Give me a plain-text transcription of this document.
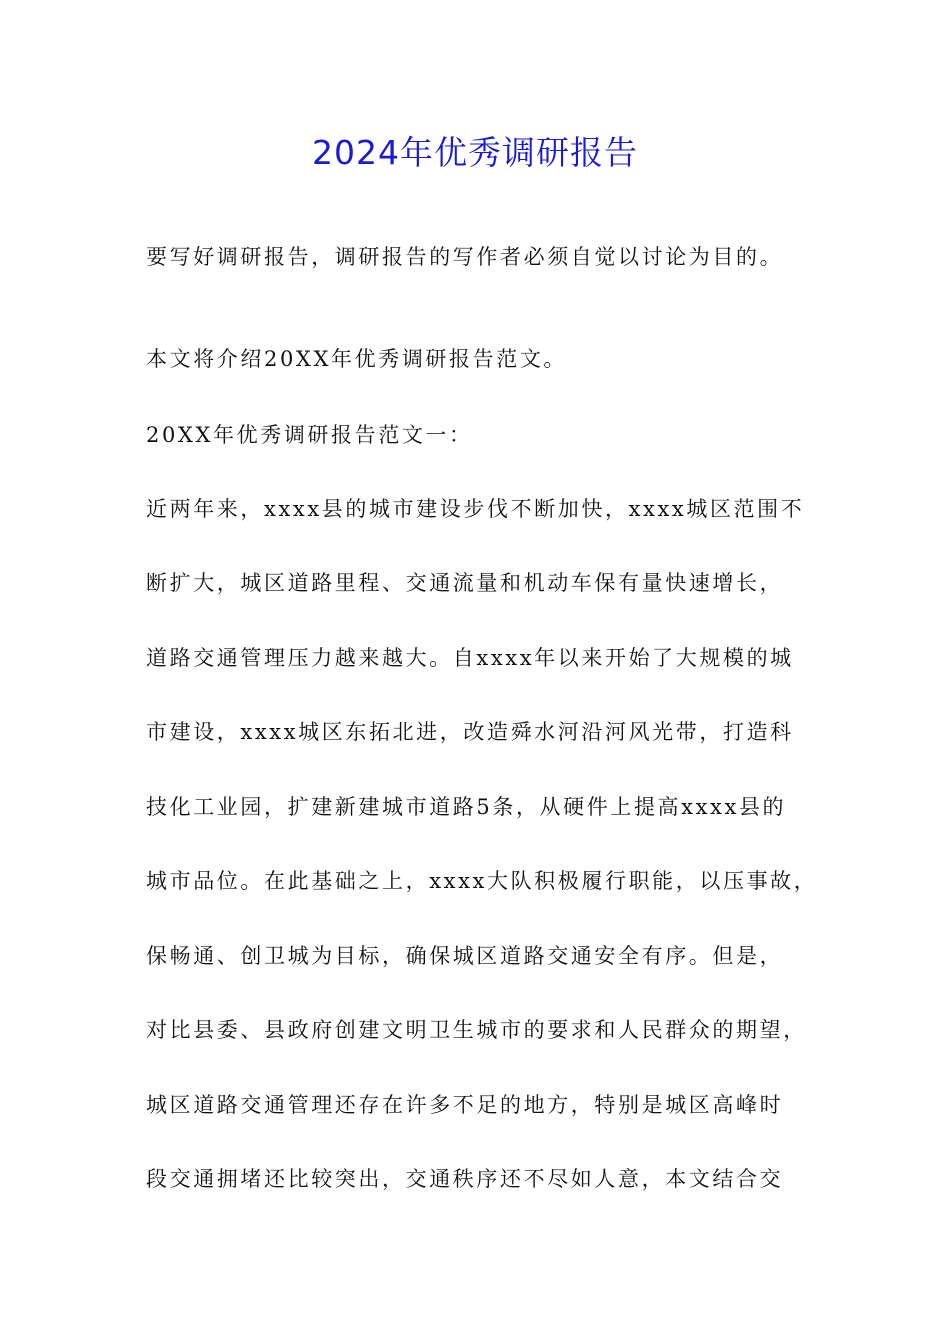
2024年优秀调研报告
要写好调研报告，调研报告的写作者必须自觉以讨论为目的。
本文将介绍20XX年优秀调研报告范文。
20XX年优秀调研报告范文一：
近两年来，xxxx县的城市建设步伐不断加快，xxxx城区范围不
断扩大，城区道路里程、交通流量和机动车保有量快速增长，
道路交通管理压力越来越大。自xxxx年以来开始了大规模的城
市建设，xxxx城区东拓北进，改造舜水河沿河风光带，打造科
技化工业园，扩建新建城市道路5条，从硬件上提高xxxx县的
城市品位。在此基础之上，xxxx大队积极履行职能，以压事故，
保畅通、创卫城为目标，确保城区道路交通安全有序。但是，
对比县委、县政府创建文明卫生城市的要求和人民群众的期望，
城区道路交通管理还存在许多不足的地方，特别是城区高峰时
段交通拥堵还比较突出，交通秩序还不尽如人意，本文结合交
